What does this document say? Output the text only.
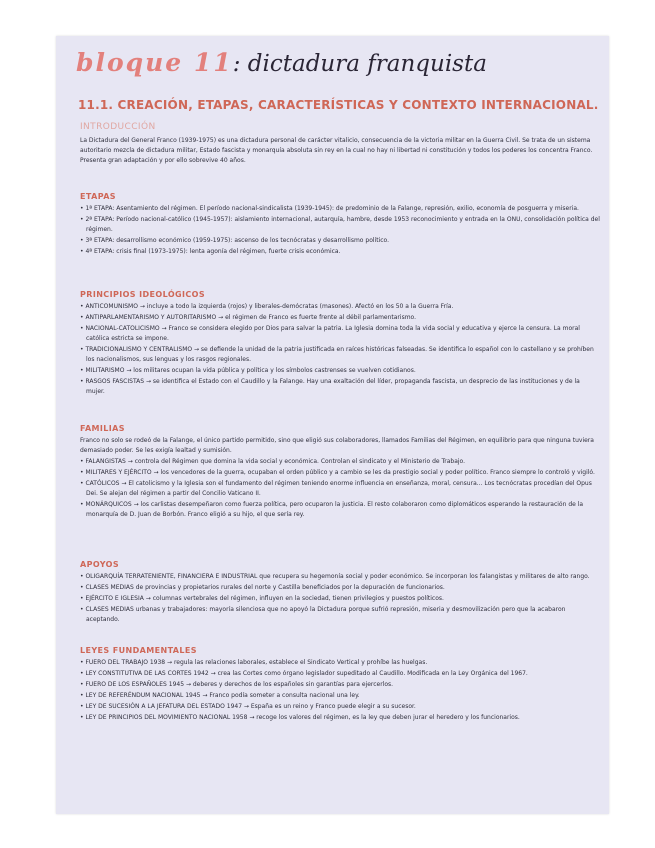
bloque 11: dictadura franquista
11.1. CREACIÓN, ETAPAS, CARACTERÍSTICAS Y CONTEXTO INTERNACIONAL.
INTRODUCCIÓN

La Dictadura del General Franco (1939-1975) es una dictadura personal de carácter vitalicio, consecuencia de la victoria militar en la Guerra Civil. Se trata de un sistema autoritario mezcla de dictadura militar, Estado fascista y monarquía absoluta sin rey en la cual no hay ni libertad ni constitución y todos los poderes los concentra Franco. Presenta gran adaptación y por ello sobrevive 40 años.

ETAPAS

• 1ª ETAPA: Asentamiento del régimen. El período nacional-sindicalista (1939-1945): de predominio de la Falange, represión, exilio, economía de posguerra y miseria.

• 2ª ETAPA: Período nacional-católico (1945-1957): aislamiento internacional, autarquía, hambre, desde 1953 reconocimiento y entrada en la ONU, consolidación política del régimen.

• 3ª ETAPA: desarrollismo económico (1959-1975): ascenso de los tecnócratas y desarrollismo político.

• 4ª ETAPA: crisis final (1973-1975): lenta agonía del régimen, fuerte crisis económica.

PRINCIPIOS IDEOLÓGICOS

• ANTICOMUNISMO → incluye a todo la izquierda (rojos) y liberales-demócratas (masones). Afectó en los 50 a la Guerra Fría.

• ANTIPARLAMENTARISMO Y AUTORITARISMO → el régimen de Franco es fuerte frente al débil parlamentarismo.

• NACIONAL-CATOLICISMO → Franco se considera elegido por Dios para salvar la patria. La Iglesia domina toda la vida social y educativa y ejerce la censura. La moral católica estricta se impone.

• TRADICIONALISMO Y CENTRALISMO → se defiende la unidad de la patria justificada en raíces históricas falseadas. Se identifica lo español con lo castellano y se prohíben los nacionalismos, sus lenguas y los rasgos regionales.

• MILITARISMO → los militares ocupan la vida pública y política y los símbolos castrenses se vuelven cotidianos.

• RASGOS FASCISTAS → se identifica el Estado con el Caudillo y la Falange. Hay una exaltación del líder, propaganda fascista, un desprecio de las instituciones y de la mujer.

FAMILIAS

Franco no solo se rodeó de la Falange, el único partido permitido, sino que eligió sus colaboradores, llamados Familias del Régimen, en equilibrio para que ninguna tuviera demasiado poder. Se les exigía lealtad y sumisión.

• FALANGISTAS → controla del Régimen que domina la vida social y económica. Controlan el sindicato y el Ministerio de Trabajo.

• MILITARES Y EJÉRCITO → los vencedores de la guerra, ocupaban el orden público y a cambio se les da prestigio social y poder político. Franco siempre lo controló y vigiló.

• CATÓLICOS → El catolicismo y la Iglesia son el fundamento del régimen teniendo enorme influencia en enseñanza, moral, censura... Los tecnócratas procedían del Opus Dei. Se alejan del régimen a partir del Concilio Vaticano II.

• MONÁRQUICOS → los carlistas desempeñaron como fuerza política, pero ocuparon la justicia. El resto colaboraron como diplomáticos esperando la restauración de la monarquía de D. Juan de Borbón. Franco eligió a su hijo, el que sería rey.

APOYOS

• OLIGARQUÍA TERRATENIENTE, FINANCIERA E INDUSTRIAL que recupera su hegemonía social y poder económico. Se incorporan los falangistas y militares de alto rango.

• CLASES MEDIAS de provincias y propietarios rurales del norte y Castilla beneficiados por la depuración de funcionarios.

• EJÉRCITO E IGLESIA → columnas vertebrales del régimen, influyen en la sociedad, tienen privilegios y puestos políticos.

• CLASES MEDIAS urbanas y trabajadores: mayoría silenciosa que no apoyó la Dictadura porque sufrió represión, miseria y desmovilización pero que la acabaron aceptando.

LEYES FUNDAMENTALES

• FUERO DEL TRABAJO 1938 → regula las relaciones laborales, establece el Sindicato Vertical y prohíbe las huelgas.

• LEY CONSTITUTIVA DE LAS CORTES 1942 → crea las Cortes como órgano legislador supeditado al Caudillo. Modificada en la Ley Orgánica del 1967.

• FUERO DE LOS ESPAÑOLES 1945 → deberes y derechos de los españoles sin garantías para ejercerlos.

• LEY DE REFERÉNDUM NACIONAL 1945 → Franco podía someter a consulta nacional una ley.

• LEY DE SUCESIÓN A LA JEFATURA DEL ESTADO 1947 → España es un reino y Franco puede elegir a su sucesor.

• LEY DE PRINCIPIOS DEL MOVIMIENTO NACIONAL 1958 → recoge los valores del régimen, es la ley que deben jurar el heredero y los funcionarios.
